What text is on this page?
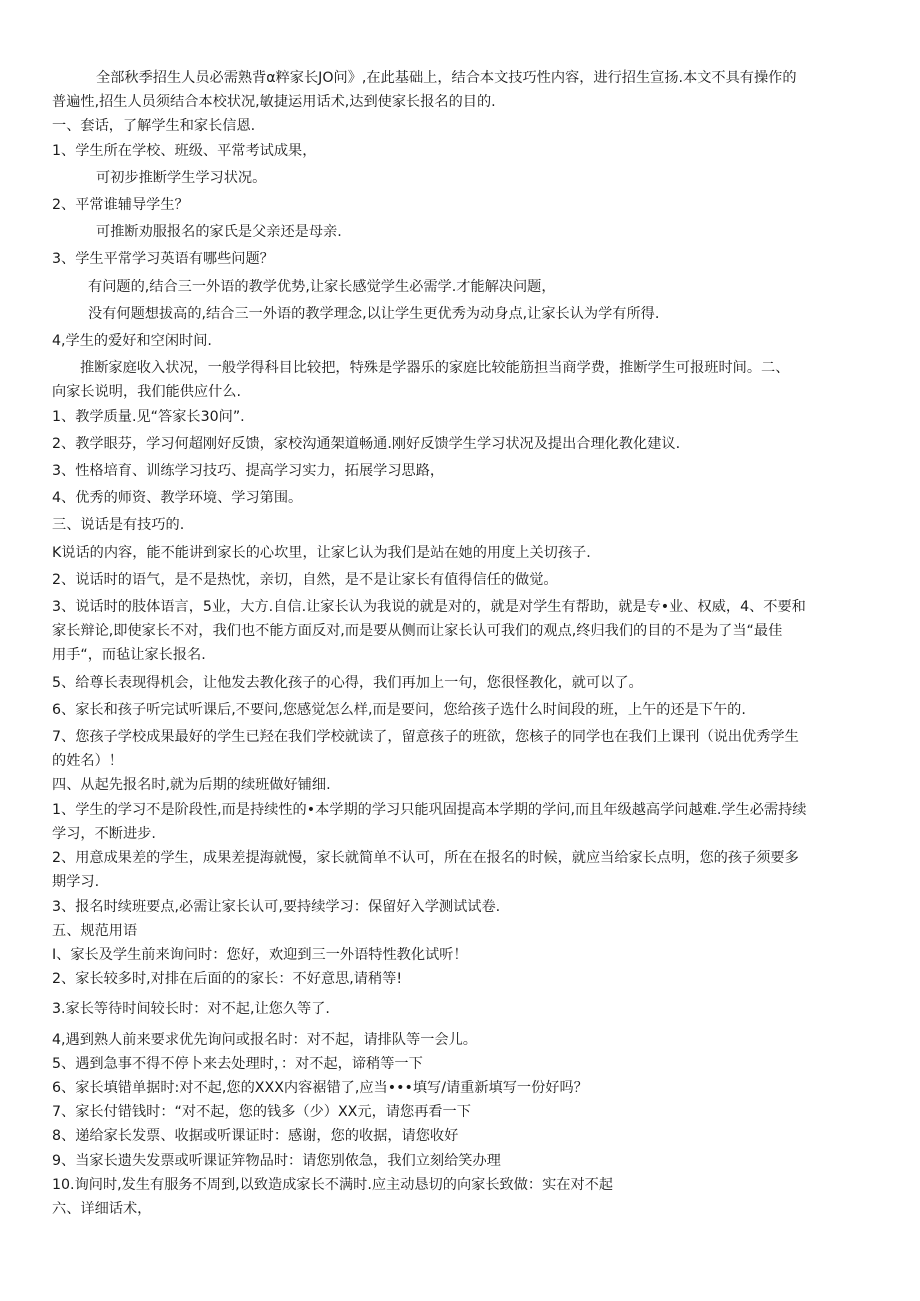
全部秋季招生人员必需熟背α粹家长JO问》,在此基础上，结合本文技巧性内容，进行招生宣扬.本文不具有操作的
普遍性,招生人员须结合本校状况,敏捷运用话术,达到使家长报名的目的.
一、套话，了解学生和家长信恩.
1、学生所在学校、班级、平常考试成果，
可初步推断学生学习状况。
2、平常谁辅导学生？
可推断劝服报名的家氏是父亲还是母亲.
3、学生平常学习英语有哪些问题？
有问题的,结合三一外语的教学优势,让家长感觉学生必需学.才能解决问题，
没有何题想拔高的,结合三一外语的教学理念,以让学生更优秀为动身点,让家长认为学有所得.
4,学生的爱好和空闲时间.
推断家庭收入状况，一般学得科目比较把，特殊是学器乐的家庭比较能筋担当商学费，推断学生可报班时间。二、
向家长说明，我们能供应什么.
1、教学质量.见“答家长30问”.
2、教学眼芬，学习何超刚好反馈，家校沟通架道畅通.刚好反馈学生学习状况及提出合理化教化建议.
3、性格培育、训练学习技巧、提高学习实力，拓展学习思路，
4、优秀的师资、教学环境、学习第围。
三、说话是有技巧的.
K说话的内容，能不能讲到家长的心坎里，让家匕认为我们是站在她的用度上关切孩子.
2、说话时的语气，是不是热忱，亲切，自然，是不是让家长有值得信任的做觉。
3、说话时的肢体语言，5业，大方.自信.让家长认为我说的就是对的，就是对学生有帮助，就是专•业、权威，4、不要和
家长辩论,即使家长不对，我们也不能方面反对,而是要从侧而让家长认可我们的观点,终归我们的目的不是为了当“最佳
用手“，而毡让家长报名.
5、给尊长表现得机会，让他发去教化孩子的心得，我们再加上一句，您很怪教化，就可以了。
6、家长和孩子听完试听课后,不要问,您感觉怎么样,而是要问，您给孩子选什么时间段的班，上午的还是下午的.
7、您孩子学校成果最好的学生已羟在我们学校就读了，留意孩子的班欲，您核子的同学也在我们上课刊（说出优秀学生
的姓名）！
四、从起先报名时,就为后期的续班做好铺细.
1、学生的学习不是阶段性,而是持续性的•本学期的学习只能巩固提高本学期的学问,而且年级越高学问越难.学生必需持续
学习，不断进步.
2、用意成果差的学生，成果差提海就慢，家长就简单不认可，所在在报名的时候，就应当给家长点明，您的孩子须要多
期学习.
3、报名时续班要点,必需让家长认可,要持续学习：保留好入学测试试卷.
五、规范用语
I、家长及学生前来询问时：您好，欢迎到三一外语特性教化试听！
2、家长较多时,对排在后面的的家长：不好意思,请稍等!
3.家长等待时间较长时：对不起,让您久等了.
4,遇到熟人前来要求优先询问或报名时：对不起，请排队等一会儿。
5、遇到急事不得不停卜来去处理时，：对不起，谛稍等一下
6、家长填错单据时:对不起,您的XXX内容裾错了,应当•••填写/请重新填写一份好吗？
7、家长付错钱时：“对不起，您的钱多（少）XX元，请您再看一下
8、递给家长发票、收据或听课证时：感谢，您的收据，请您收好
9、当家长遗失发票或听课证笄物品时：请您别侬急，我们立刻给笑办理
10.询问时,发生有服务不周到,以致造成家长不满时.应主动恳切的向家长致做：实在对不起
六、详细话术，
